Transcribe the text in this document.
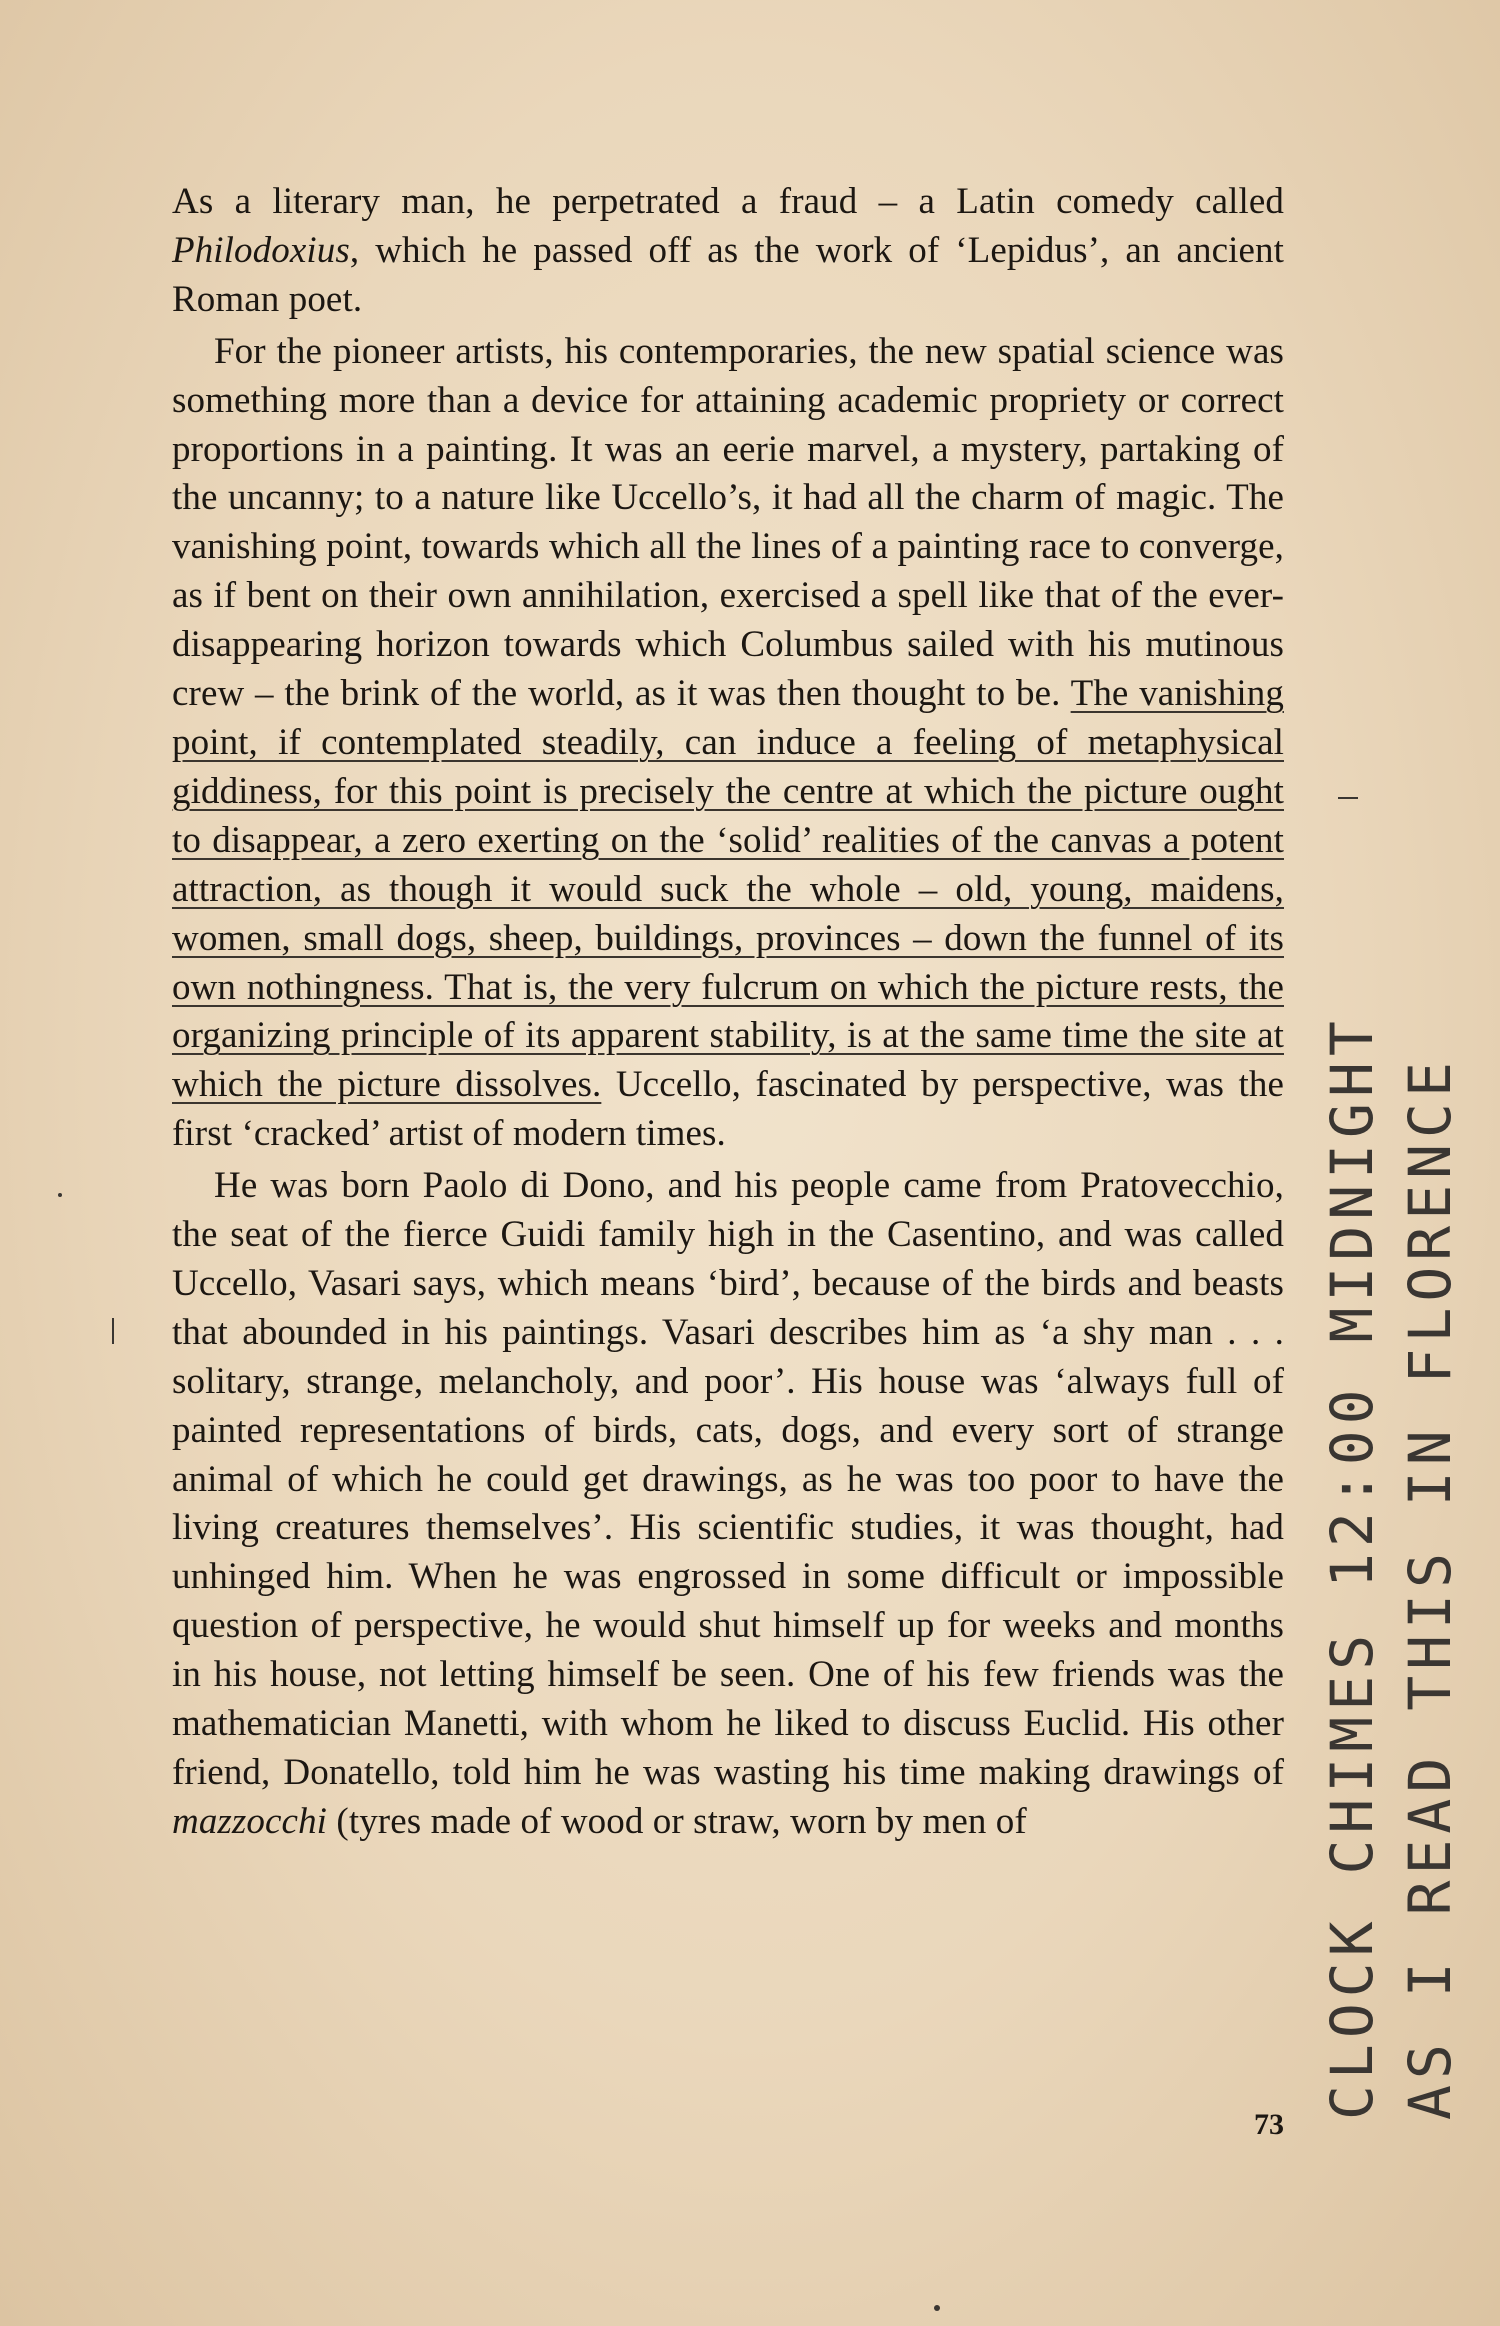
As a literary man, he perpetrated a fraud – a Latin comedy called Philodoxius, which he passed off as the work of ‘Lepidus’, an ancient Roman poet.

For the pioneer artists, his contemporaries, the new spatial science was something more than a device for attaining academic propriety or correct proportions in a painting. It was an eerie marvel, a mystery, partaking of the uncanny; to a nature like Uccello’s, it had all the charm of magic. The vanishing point, towards which all the lines of a painting race to converge, as if bent on their own annihilation, exercised a spell like that of the ever-disappearing horizon towards which Columbus sailed with his mutinous crew – the brink of the world, as it was then thought to be. The vanishing point, if contemplated steadily, can induce a feeling of metaphysical giddiness, for this point is precisely the centre at which the picture ought to disappear, a zero exerting on the ‘solid’ realities of the canvas a potent attraction, as though it would suck the whole – old, young, maidens, women, small dogs, sheep, buildings, provinces – down the funnel of its own nothingness. That is, the very fulcrum on which the picture rests, the organizing principle of its apparent stability, is at the same time the site at which the picture dissolves. Uccello, fascinated by perspective, was the first ‘cracked’ artist of modern times.

He was born Paolo di Dono, and his people came from Pratovecchio, the seat of the fierce Guidi family high in the Casentino, and was called Uccello, Vasari says, which means ‘bird’, because of the birds and beasts that abounded in his paintings. Vasari describes him as ‘a shy man . . . solitary, strange, melancholy, and poor’. His house was ‘always full of painted representations of birds, cats, dogs, and every sort of strange animal of which he could get drawings, as he was too poor to have the living creatures themselves’. His scientific studies, it was thought, had unhinged him. When he was engrossed in some difficult or impossible question of perspective, he would shut himself up for weeks and months in his house, not letting himself be seen. One of his few friends was the mathematician Manetti, with whom he liked to discuss Euclid. His other friend, Donatello, told him he was wasting his time making drawings of mazzocchi (tyres made of wood or straw, worn by men of

73
CLOCK CHIMES 12:00 MIDNIGHT AS I READ THIS IN FLORENCE
